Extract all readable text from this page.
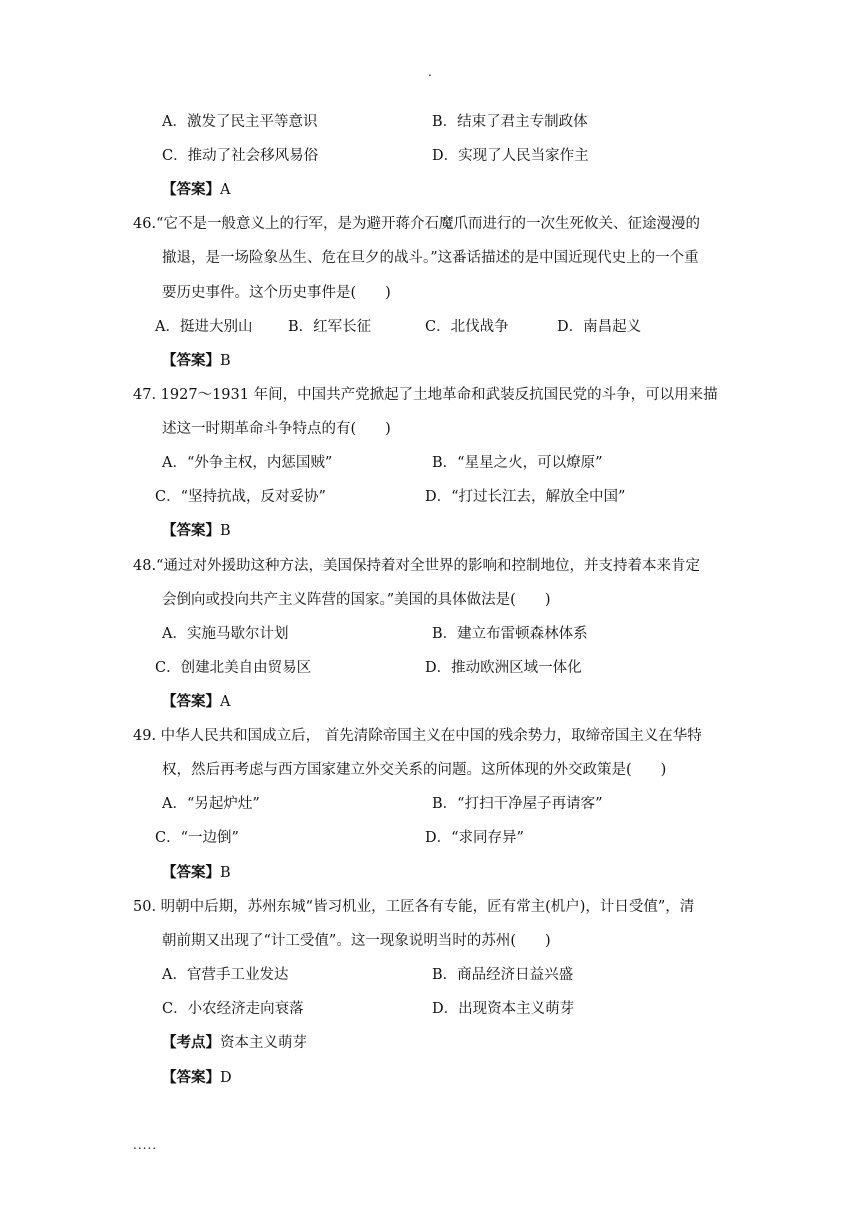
.
A．激发了民主平等意识	B．结束了君主专制政体
C．推动了社会移风易俗	D．实现了人民当家作主
【答案】A
46.“它不是一般意义上的行军，是为避开蒋介石魔爪而进行的一次生死攸关、征途漫漫的
撤退，是一场险象丛生、危在旦夕的战斗。”这番话描述的是中国近现代史上的一个重
要历史事件。这个历史事件是(　　)
A．挺进大别山 B．红军长征	C．北伐战争	D．南昌起义
【答案】B
47. 1927～1931 年间，中国共产党掀起了土地革命和武装反抗国民党的斗争，可以用来描
述这一时期革命斗争特点的有(　　)
A．“外争主权，内惩国贼”	B．“星星之火，可以燎原”
C．“坚持抗战，反对妥协”	D．“打过长江去，解放全中国”
【答案】B
48.“通过对外援助这种方法，美国保持着对全世界的影响和控制地位，并支持着本来肯定
会倒向或投向共产主义阵营的国家。”美国的具体做法是(　　)
A．实施马歇尔计划	B．建立布雷顿森林体系
C．创建北美自由贸易区	D．推动欧洲区域一体化
【答案】A
49. 中华人民共和国成立后， 首先清除帝国主义在中国的残余势力，取缔帝国主义在华特
权，然后再考虑与西方国家建立外交关系的问题。这所体现的外交政策是(　　)
A．“另起炉灶”	B．“打扫干净屋子再请客”
C．“一边倒”	D．“求同存异”
【答案】B
50. 明朝中后期，苏州东城“皆习机业，工匠各有专能，匠有常主(机户)，计日受值”，清
朝前期又出现了“计工受值”。这一现象说明当时的苏州(　　)
A．官营手工业发达	B．商品经济日益兴盛
C．小农经济走向衰落	D．出现资本主义萌芽
【考点】资本主义萌芽
【答案】D
.....
